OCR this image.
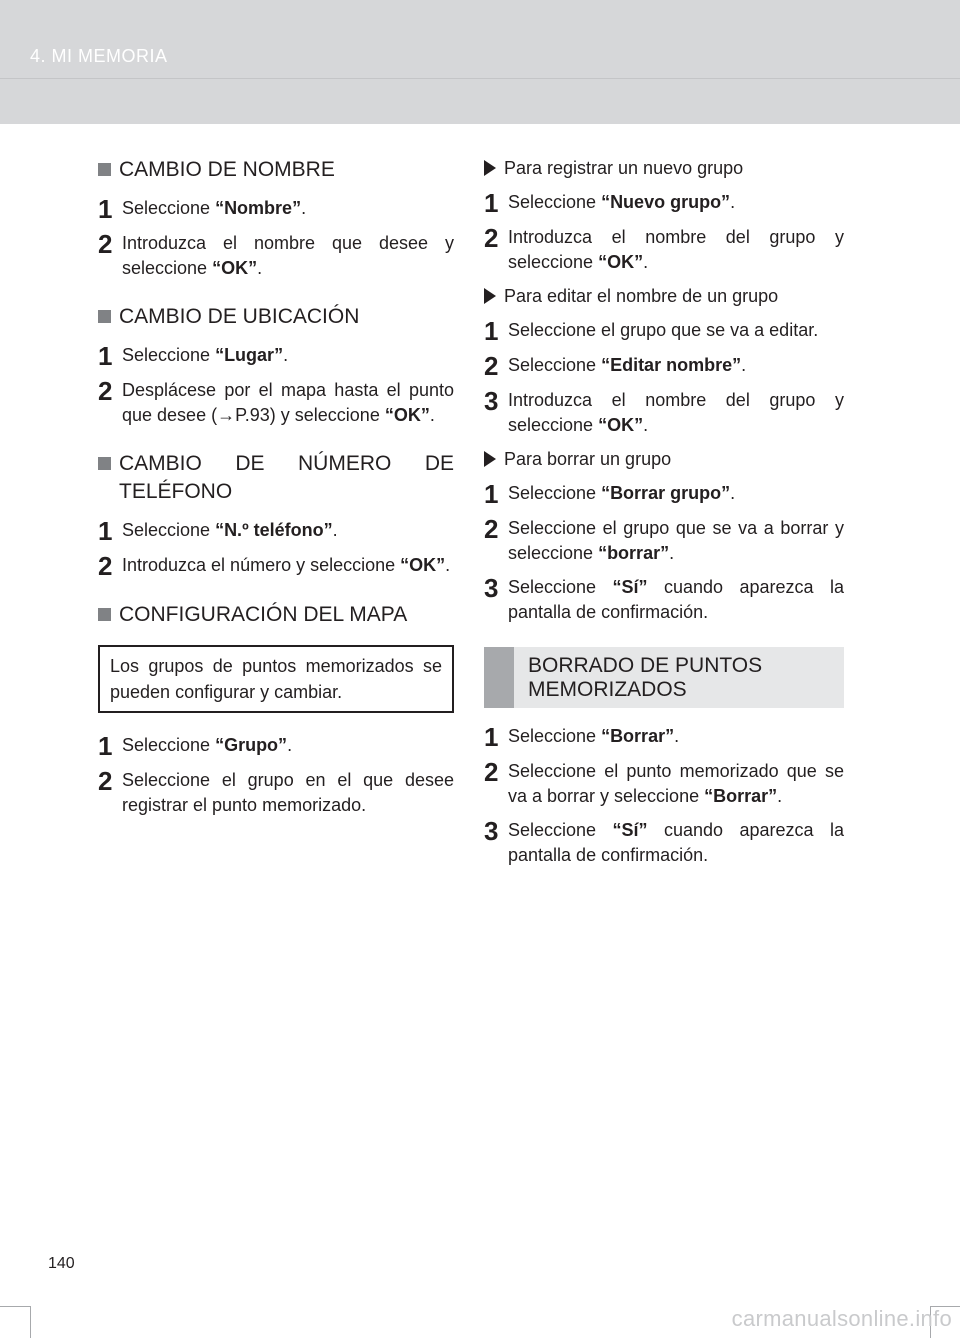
4. MI MEMORIA
CAMBIO DE NOMBRE
1 Seleccione “Nombre”.
2 Introduzca el nombre que desee y seleccione “OK”.
CAMBIO DE UBICACIÓN
1 Seleccione “Lugar”.
2 Desplácese por el mapa hasta el punto que desee (→P.93) y seleccione “OK”.
CAMBIO DE NÚMERO DE TELÉFONO
1 Seleccione “N.º teléfono”.
2 Introduzca el número y seleccione “OK”.
CONFIGURACIÓN DEL MAPA
Los grupos de puntos memorizados se pueden configurar y cambiar.
1 Seleccione “Grupo”.
2 Seleccione el grupo en el que desee registrar el punto memorizado.
Para registrar un nuevo grupo
1 Seleccione “Nuevo grupo”.
2 Introduzca el nombre del grupo y seleccione “OK”.
Para editar el nombre de un grupo
1 Seleccione el grupo que se va a editar.
2 Seleccione “Editar nombre”.
3 Introduzca el nombre del grupo y seleccione “OK”.
Para borrar un grupo
1 Seleccione “Borrar grupo”.
2 Seleccione el grupo que se va a borrar y seleccione “borrar”.
3 Seleccione “Sí” cuando aparezca la pantalla de confirmación.
BORRADO DE PUNTOS
MEMORIZADOS
1 Seleccione “Borrar”.
2 Seleccione el punto memorizado que se va a borrar y seleccione “Borrar”.
3 Seleccione “Sí” cuando aparezca la pantalla de confirmación.
140
carmanualsonline.info
